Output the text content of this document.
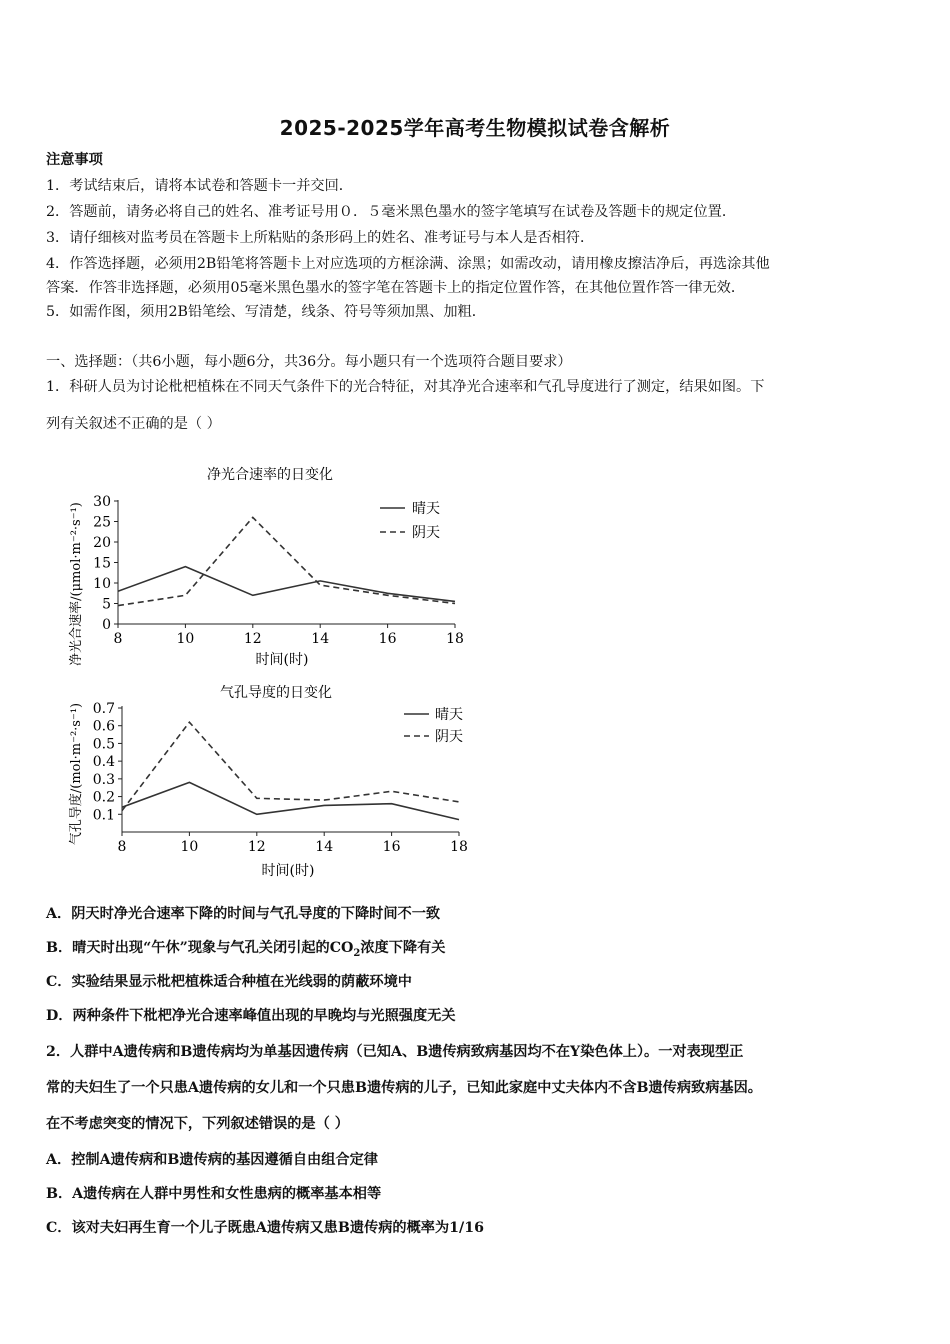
2025-2025学年高考生物模拟试卷含解析
注意事项
1．考试结束后，请将本试卷和答题卡一并交回．
2．答题前，请务必将自己的姓名、准考证号用０．５毫米黑色墨水的签字笔填写在试卷及答题卡的规定位置．
3．请仔细核对监考员在答题卡上所粘贴的条形码上的姓名、准考证号与本人是否相符．
4．作答选择题，必须用2B铅笔将答题卡上对应选项的方框涂满、涂黑；如需改动，请用橡皮擦洁净后，再选涂其他
答案．作答非选择题，必须用05毫米黑色墨水的签字笔在答题卡上的指定位置作答，在其他位置作答一律无效．
5．如需作图，须用2B铅笔绘、写清楚，线条、符号等须加黑、加粗．
一、选择题：（共6小题，每小题6分，共36分。每小题只有一个选项符合题目要求）
1．科研人员为讨论枇杷植株在不同天气条件下的光合特征，对其净光合速率和气孔导度进行了测定，结果如图。下
列有关叙述不正确的是（ ）
净光合速率的日变化
净光合速率/(μmol·m⁻²·s⁻¹) 0
5
10
15
20
25
30
8	10	12	14	16	18
晴天
阴天
时间(时)
气孔导度的日变化
气孔导度/(mol·m⁻²·s⁻¹) 0.1
0.2
0.3
0.4
0.5
0.6
0.7
8	10	12	14	16	18
晴天
阴天
时间(时)
A．阴天时净光合速率下降的时间与气孔导度的下降时间不一致
B．晴天时出现“午休”现象与气孔关闭引起的$CO_2$浓度下降有关
C．实验结果显示枇杷植株适合种植在光线弱的荫蔽环境中
D．两种条件下枇杷净光合速率峰值出现的早晚均与光照强度无关
2．人群中A遗传病和B遗传病均为单基因遗传病（已知A、B遗传病致病基因均不在Y染色体上）。一对表现型正
常的夫妇生了一个只患A遗传病的女儿和一个只患B遗传病的儿子，已知此家庭中丈夫体内不含B遗传病致病基因。
在不考虑突变的情况下，下列叙述错误的是（ ）
A．控制A遗传病和B遗传病的基因遵循自由组合定律
B．A遗传病在人群中男性和女性患病的概率基本相等
C．该对夫妇再生育一个儿子既患A遗传病又患B遗传病的概率为1/16
